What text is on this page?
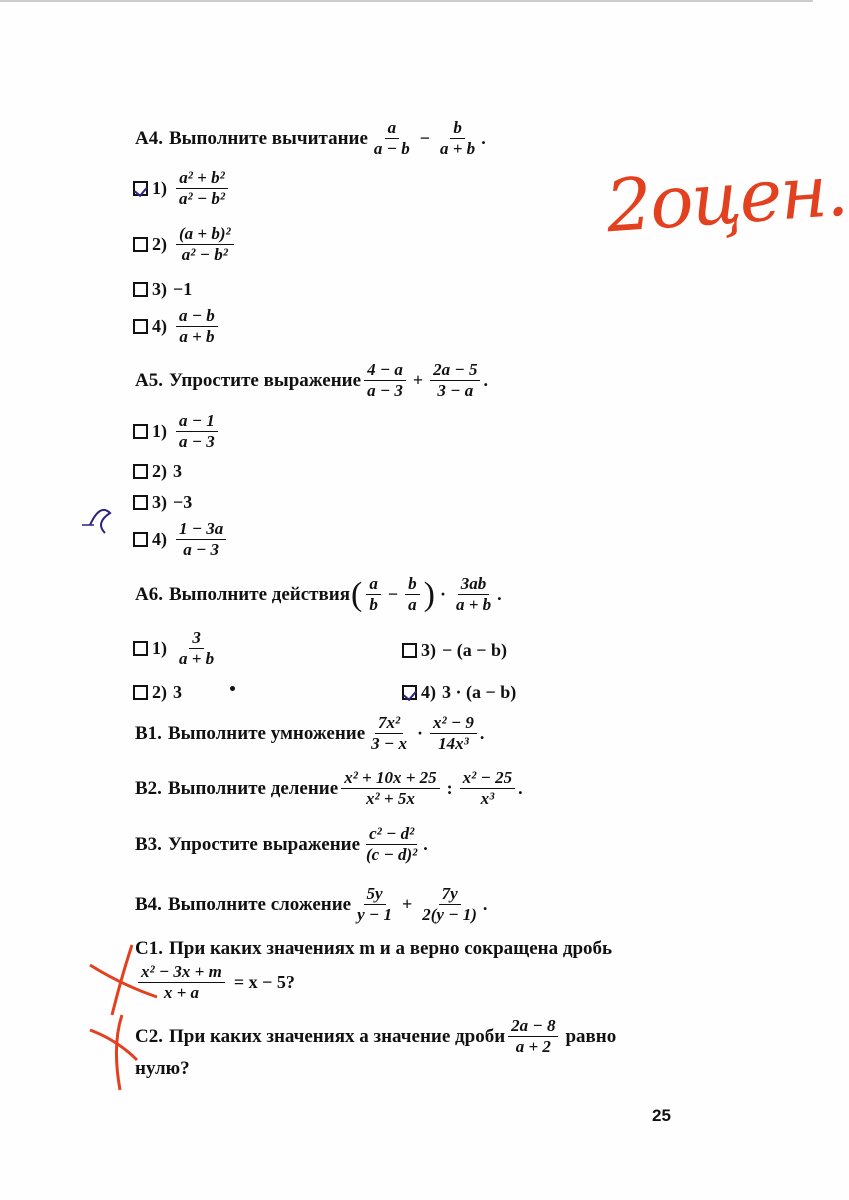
2оцен.
А4. Выполните вычитание $\frac{a}{a - b} - \frac{b}{a + b}$ .
$1) \frac{\text{a² + b²}}{\text{a² − b²}}$
$2) \frac{\text{(a + b)²}}{\text{a² − b²}}$
3) −1
$4) \frac{a - b}{a + b}$
А5. Упростите выражение $\frac{4 - a}{a - 3} + \frac{2a - 5}{3 - a}$ .
$1) \frac{a - 1}{a - 3}$
2) 3
3) −3
$4) \frac{1 - 3a}{a - 3}$
А6. Выполните действия ( $\frac{a}{b} - \frac{b}{a}$ ) · $\frac{3ab}{a + b}$ .
$1) \frac{3}{a + b}$
2) 3
3) − (a − b)
4) 3 · (a − b)
В1. Выполните умножение $\frac{\text{7x²}}{3 - x} \cdot \frac{\text{x² − 9}}{\text{14x³}}$ .
В2. Выполните деление $\frac{\text{x² + 10x + 25}}{\text{x² + 5x}}$ : $\frac{\text{x² − 25}}{\text{x³}}$ .
В3. Упростите выражение $\frac{\text{c² − d²}}{\text{(c − d)²}}$ .
В4. Выполните сложение $\frac{5y}{y - 1} + \frac{7y}{2(y - 1)}$ .
С1. При каких значениях m и a верно сокращена дробь
$\frac{\text{x² − 3x + m}}{x + a} = x - 5$?
С2. При каких значениях a значение дроби $\frac{2a - 8}{a + 2}$ равно
нулю?
25
